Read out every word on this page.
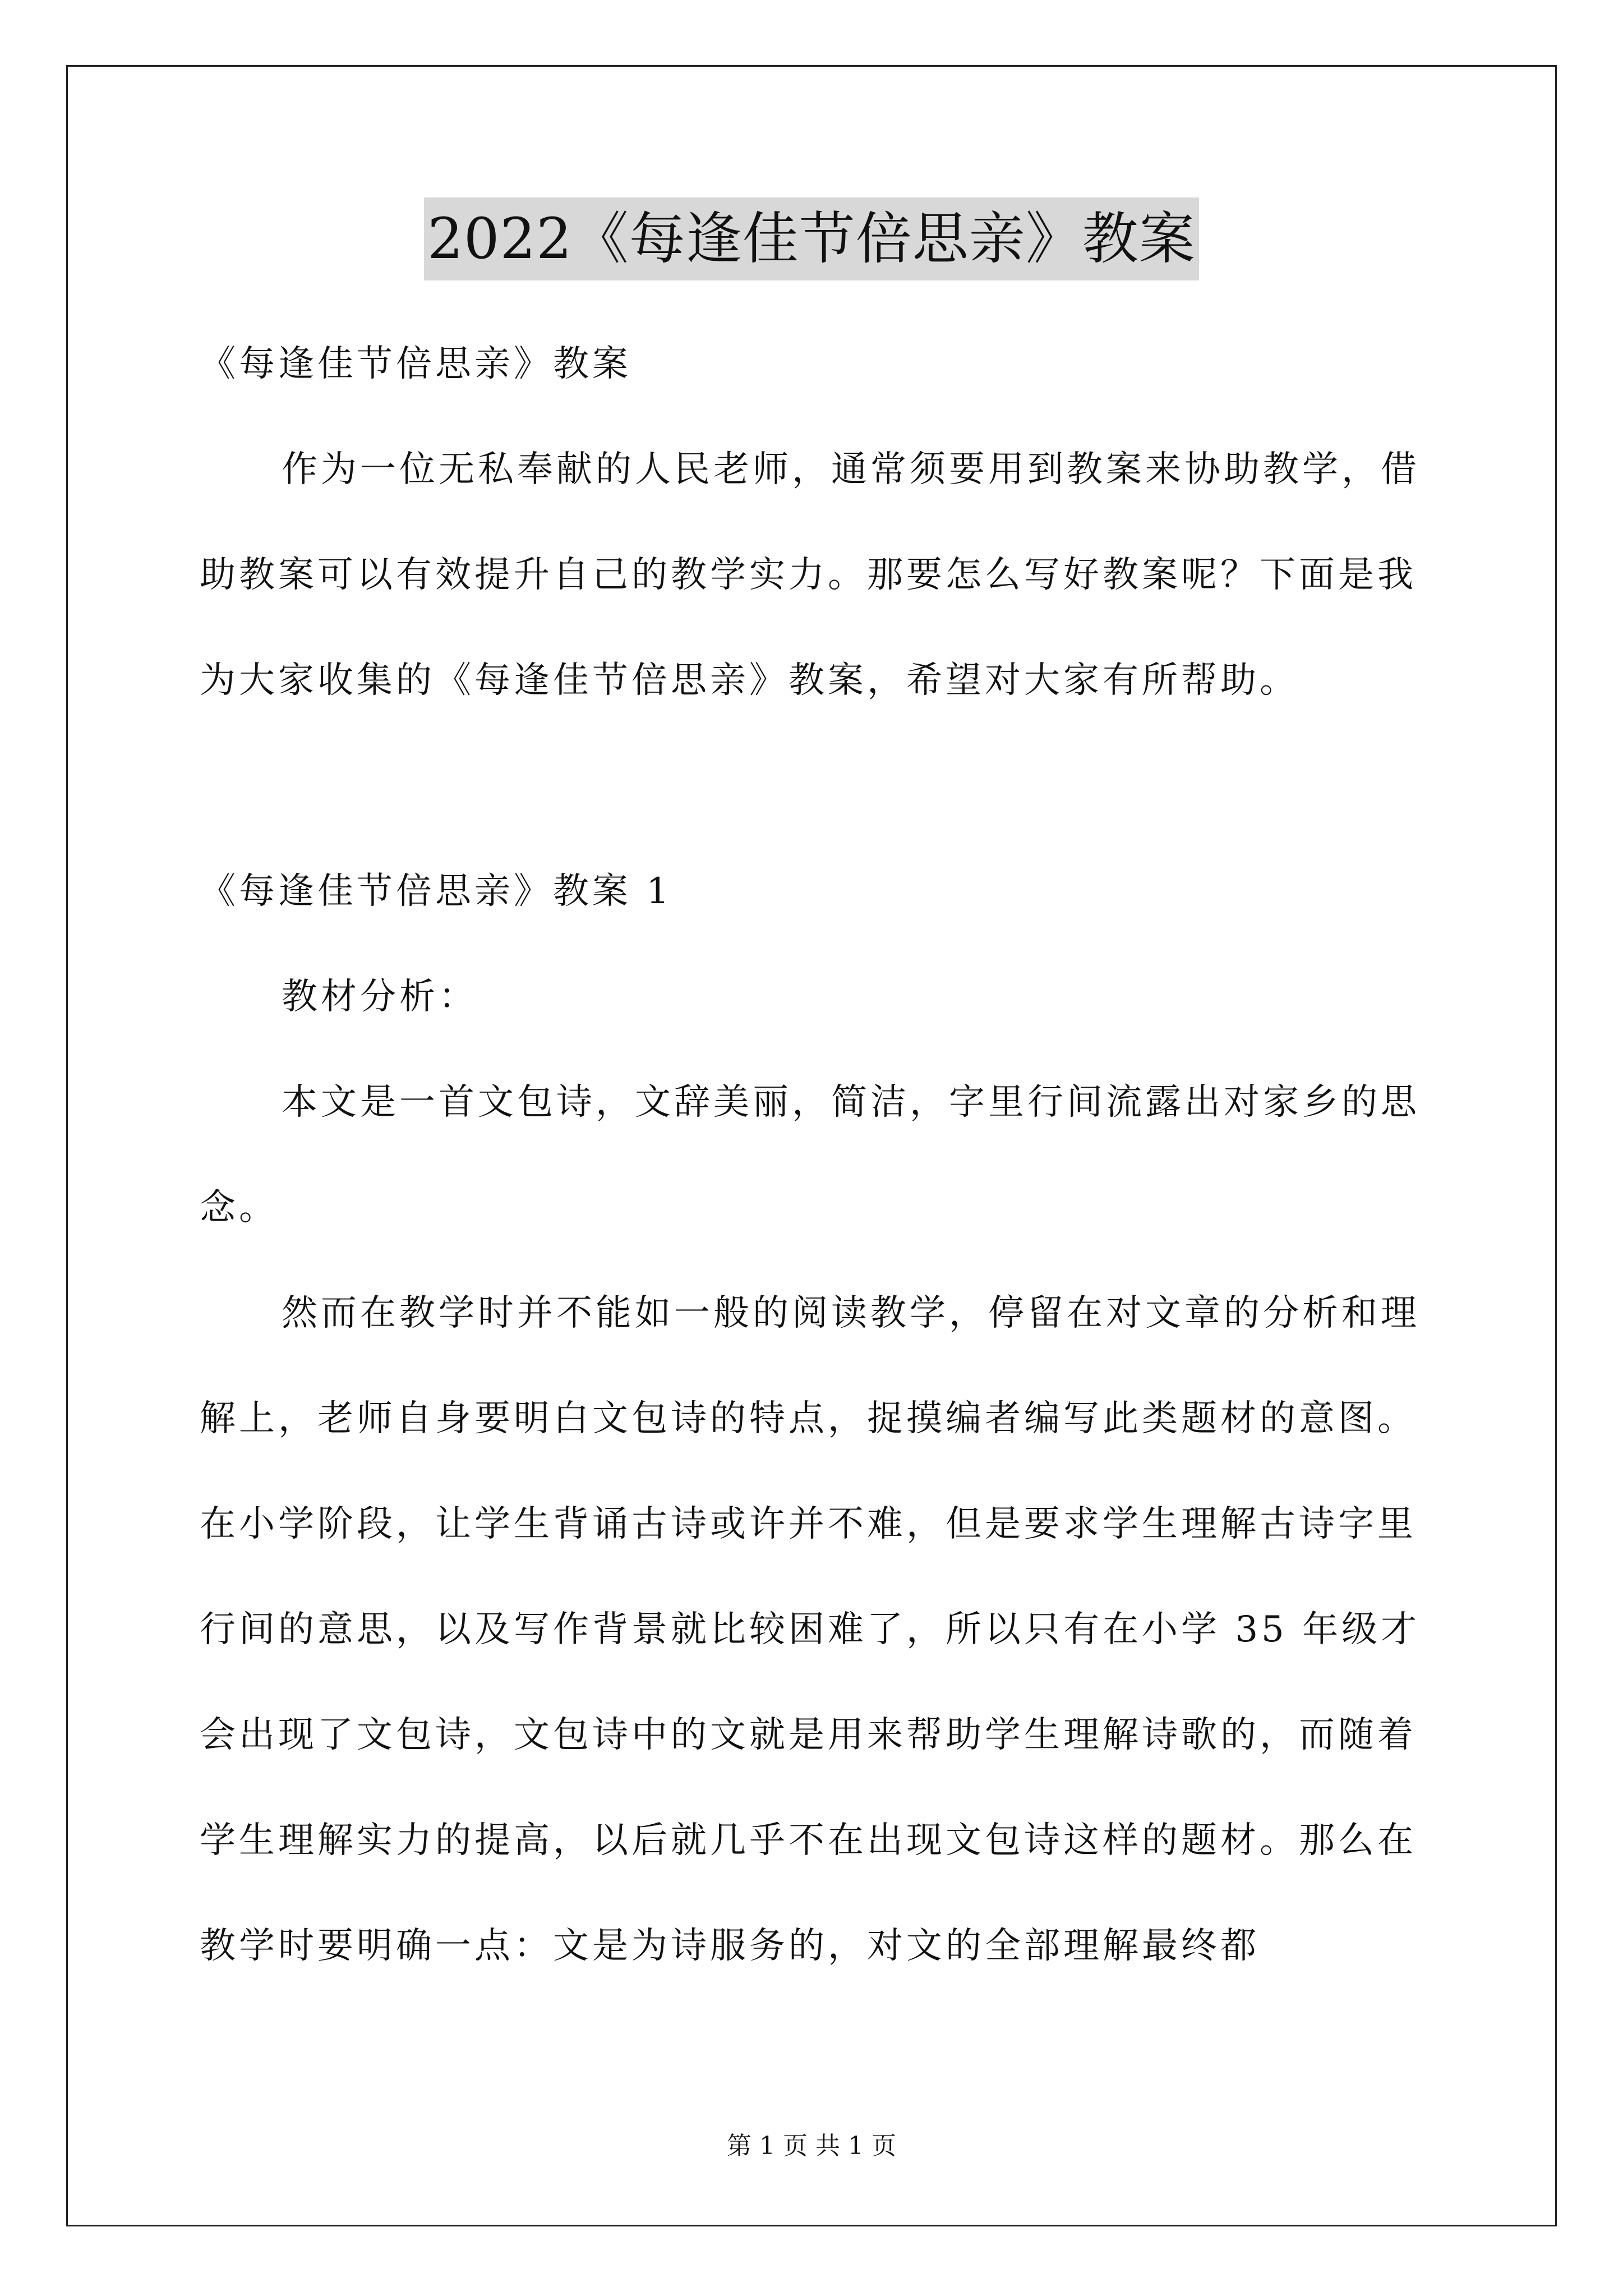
2022《每逢佳节倍思亲》教案

《每逢佳节倍思亲》教案

作为一位无私奉献的人民老师，通常须要用到教案来协助教学，借助教案可以有效提升自己的教学实力。那要怎么写好教案呢？下面是我为大家收集的《每逢佳节倍思亲》教案，希望对大家有所帮助。

《每逢佳节倍思亲》教案 1

教材分析：

本文是一首文包诗，文辞美丽，简洁，字里行间流露出对家乡的思念。

然而在教学时并不能如一般的阅读教学，停留在对文章的分析和理解上，老师自身要明白文包诗的特点，捉摸编者编写此类题材的意图。在小学阶段，让学生背诵古诗或许并不难，但是要求学生理解古诗字里行间的意思，以及写作背景就比较困难了，所以只有在小学 35 年级才会出现了文包诗，文包诗中的文就是用来帮助学生理解诗歌的，而随着学生理解实力的提高，以后就几乎不在出现文包诗这样的题材。那么在教学时要明确一点：文是为诗服务的，对文的全部理解最终都

第 1 页 共 1 页
